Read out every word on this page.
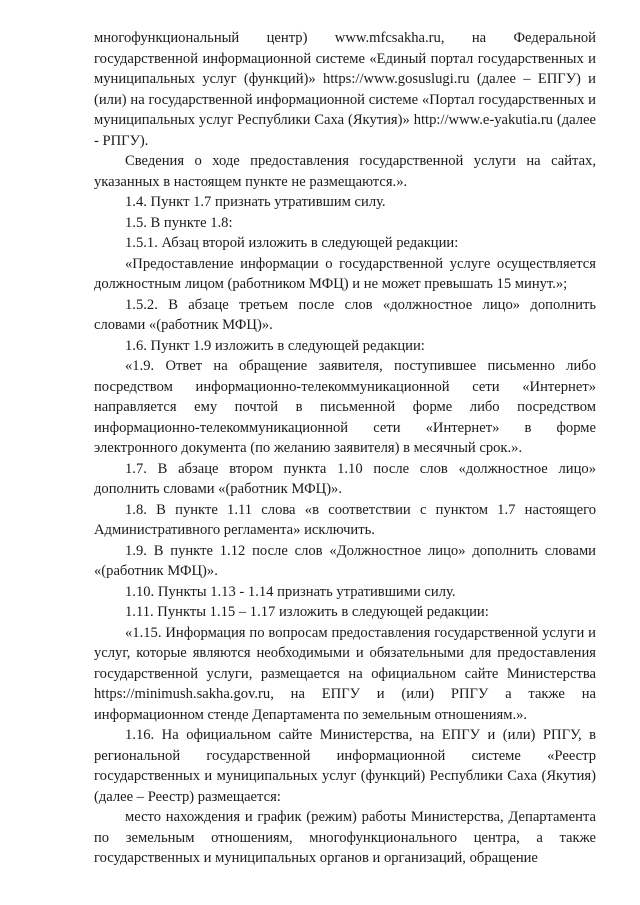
многофункциональный центр) www.mfcsakha.ru, на Федеральной государственной информационной системе «Единый портал государственных и муниципальных услуг (функций)» https://www.gosuslugi.ru (далее – ЕПГУ) и (или) на государственной информационной системе «Портал государственных и муниципальных услуг Республики Саха (Якутия)» http://www.e-yakutia.ru (далее - РПГУ).

Сведения о ходе предоставления государственной услуги на сайтах, указанных в настоящем пункте не размещаются.».

1.4. Пункт 1.7 признать утратившим силу.

1.5. В пункте 1.8:

1.5.1. Абзац второй изложить в следующей редакции:

«Предоставление информации о государственной услуге осуществляется должностным лицом (работником МФЦ) и не может превышать 15 минут.»;

1.5.2. В абзаце третьем после слов «должностное лицо» дополнить словами «(работник МФЦ)».

1.6. Пункт 1.9 изложить в следующей редакции:

«1.9. Ответ на обращение заявителя, поступившее письменно либо посредством информационно-телекоммуникационной сети «Интернет» направляется ему почтой в письменной форме либо посредством информационно-телекоммуникационной сети «Интернет» в форме электронного документа (по желанию заявителя) в месячный срок.».

1.7. В абзаце втором пункта 1.10 после слов «должностное лицо» дополнить словами «(работник МФЦ)».

1.8. В пункте 1.11 слова «в соответствии с пунктом 1.7 настоящего Административного регламента» исключить.

1.9. В пункте 1.12 после слов «Должностное лицо» дополнить словами «(работник МФЦ)».

1.10. Пункты 1.13 - 1.14 признать утратившими силу.

1.11. Пункты 1.15 – 1.17 изложить в следующей редакции:

«1.15. Информация по вопросам предоставления государственной услуги и услуг, которые являются необходимыми и обязательными для предоставления государственной услуги, размещается на официальном сайте Министерства https://minimush.sakha.gov.ru, на ЕПГУ и (или) РПГУ а также на информационном стенде Департамента по земельным отношениям.».

1.16. На официальном сайте Министерства, на ЕПГУ и (или) РПГУ, в региональной государственной информационной системе «Реестр государственных и муниципальных услуг (функций) Республики Саха (Якутия) (далее – Реестр) размещается:

место нахождения и график (режим) работы Министерства, Департамента по земельным отношениям, многофункционального центра, а также государственных и муниципальных органов и организаций, обращение
